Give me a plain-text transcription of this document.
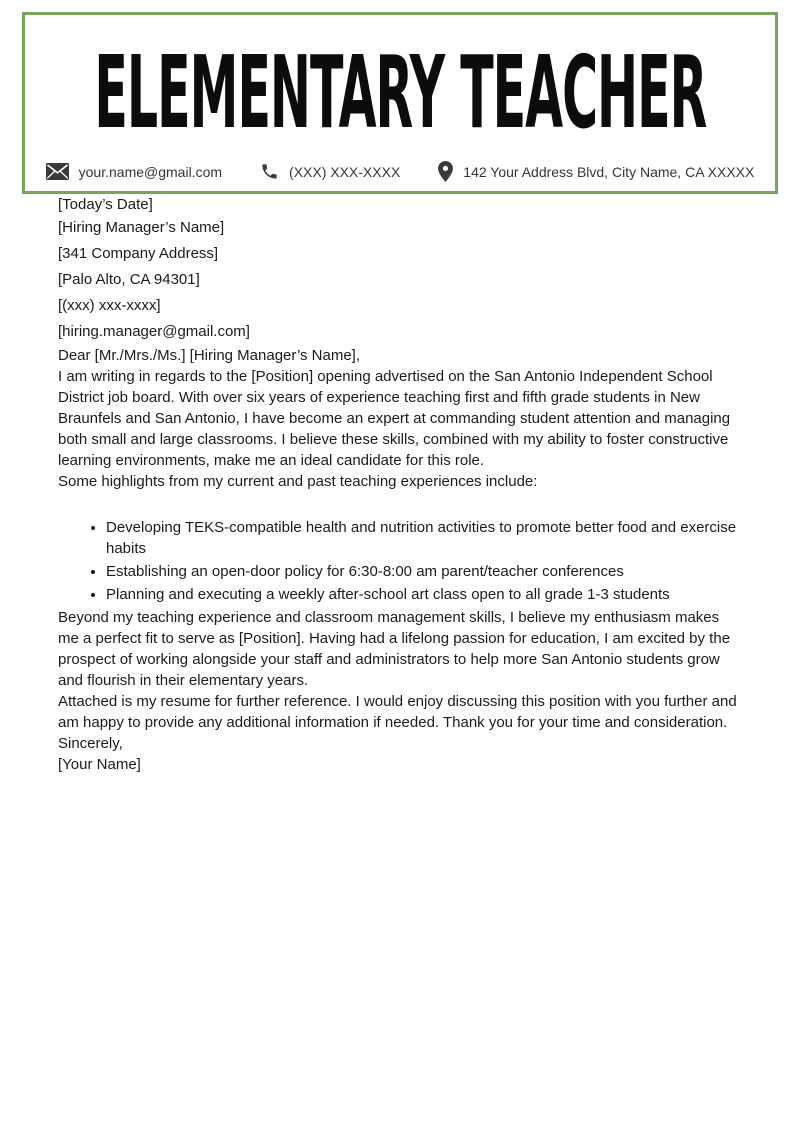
ELEMENTARY TEACHER
your.name@gmail.com	(XXX) XXX-XXXX	142 Your Address Blvd, City Name, CA XXXXX
[Today’s Date]
[Hiring Manager’s Name]
[341 Company Address]
[Palo Alto, CA 94301]
[(xxx) xxx-xxxx]
[hiring.manager@gmail.com]
Dear [Mr./Mrs./Ms.] [Hiring Manager’s Name],

I am writing in regards to the [Position] opening advertised on the San Antonio Independent School District job board. With over six years of experience teaching first and fifth grade students in New Braunfels and San Antonio, I have become an expert at commanding student attention and managing both small and large classrooms. I believe these skills, combined with my ability to foster constructive learning environments, make me an ideal candidate for this role.

Some highlights from my current and past teaching experiences include:
• Developing TEKS-compatible health and nutrition activities to promote better food and exercise habits
• Establishing an open-door policy for 6:30-8:00 am parent/teacher conferences
• Planning and executing a weekly after-school art class open to all grade 1-3 students

Beyond my teaching experience and classroom management skills, I believe my enthusiasm makes me a perfect fit to serve as [Position]. Having had a lifelong passion for education, I am excited by the prospect of working alongside your staff and administrators to help more San Antonio students grow and flourish in their elementary years.

Attached is my resume for further reference. I would enjoy discussing this position with you further and am happy to provide any additional information if needed. Thank you for your time and consideration.

Sincerely,
[Your Name]
